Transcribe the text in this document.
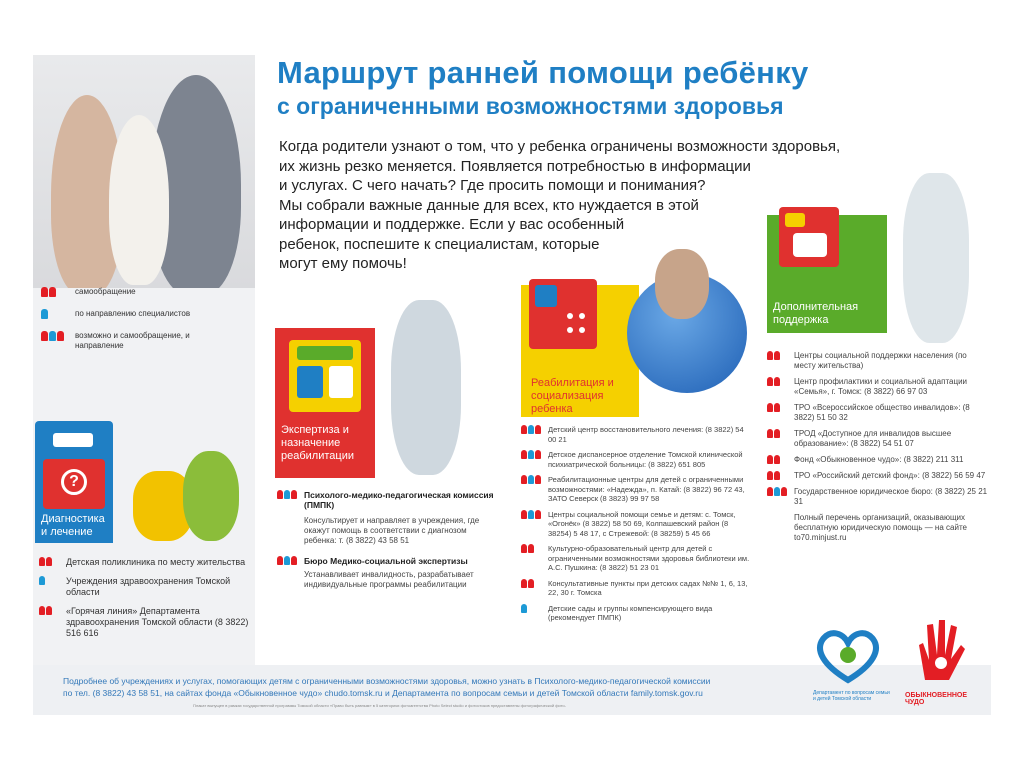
самообращение
по направлению специалистов
возможно и самообращение, и направление
?
Диагностика и лечение
Детская поликлиника по месту жительства
Учреждения здравоохранения Томской области
«Горячая линия» Департамента здравоохранения Томской области (8 3822) 516 616
Маршрут ранней помощи ребёнку
с ограниченными возможностями здоровья

Когда родители узнают о том, что у ребенка ограничены возможности здоровья,

их жизнь резко меняется. Появляется потребностью в информации

и услугах. С чего начать? Где просить помощи и понимания?

Мы собрали важные данные для всех, кто нуждается в этой

информации и поддержке. Если у вас особенный

ребенок, поспешите к специалистам, которые

могут ему помочь!

Экспертиза и назначение реабилитации
Психолого-медико-педагогическая комиссия (ПМПК)
Консультирует и направляет в учреждения, где окажут помощь в соответствии с диагнозом ребенка: т. (8 3822) 43 58 51
Бюро Медико-социальной экспертизы
Устанавливает инвалидность, разрабатывает индивидуальные программы реабилитации
Реабилитация и социализация ребенка
Детский центр восстановительного лечения: (8 3822) 54 00 21
Детское диспансерное отделение Томской клинической психиатрической больницы: (8 3822) 651 805
Реабилитационные центры для детей с ограниченными возможностями: «Надежда», п. Катай: (8 3822) 96 72 43, ЗАТО Северск (8 3823) 99 97 58
Центры социальной помощи семье и детям: с. Томск, «Огонёк» (8 3822) 58 50 69, Колпашевский район (8 38254) 5 48 17, с Стрежевой: (8 38259) 5 45 66
Культурно-образовательный центр для детей с ограниченными возможностями здоровья библиотеки им. А.С. Пушкина: (8 3822) 51 23 01
Консультативные пункты при детских садах №№ 1, 6, 13, 22, 30 г. Томска
Детские сады и группы компенсирующего вида (рекомендует ПМПК)
Дополнительная поддержка
Центры социальной поддержки населения (по месту жительства)
Центр профилактики и социальной адаптации «Семья», г. Томск: (8 3822) 66 97 03
ТРО «Всероссийское общество инвалидов»: (8 3822) 51 50 32
ТРОД «Доступное для инвалидов высшее образование»: (8 3822) 54 51 07
Фонд «Обыкновенное чудо»: (8 3822) 211 311
ТРО «Российский детский фонд»: (8 3822) 56 59 47
Государственное юридическое бюро: (8 3822) 25 21 31
Полный перечень организаций, оказывающих бесплатную юридическую помощь — на сайте to70.minjust.ru
Подробнее об учреждениях и услугах, помогающих детям с ограниченными возможностями здоровья, можно узнать в Психолого-медико-педагогической комиссии
по тел. (8 3822) 43 58 51, на сайтах фонда «Обыкновенное чудо» chudo.tomsk.ru и Департамента по вопросам семьи и детей Томской области family.tomsk.gov.ru
Плакат выпущен в рамках государственной программы Томской области «Право быть равным» в 5 категориях фотоагентства Photo Select studio и фотостоков предоставлены фотографической фото-
Департамент по вопросам семьи и детей Томской области	ОБЫКНОВЕННОЕ ЧУДО
